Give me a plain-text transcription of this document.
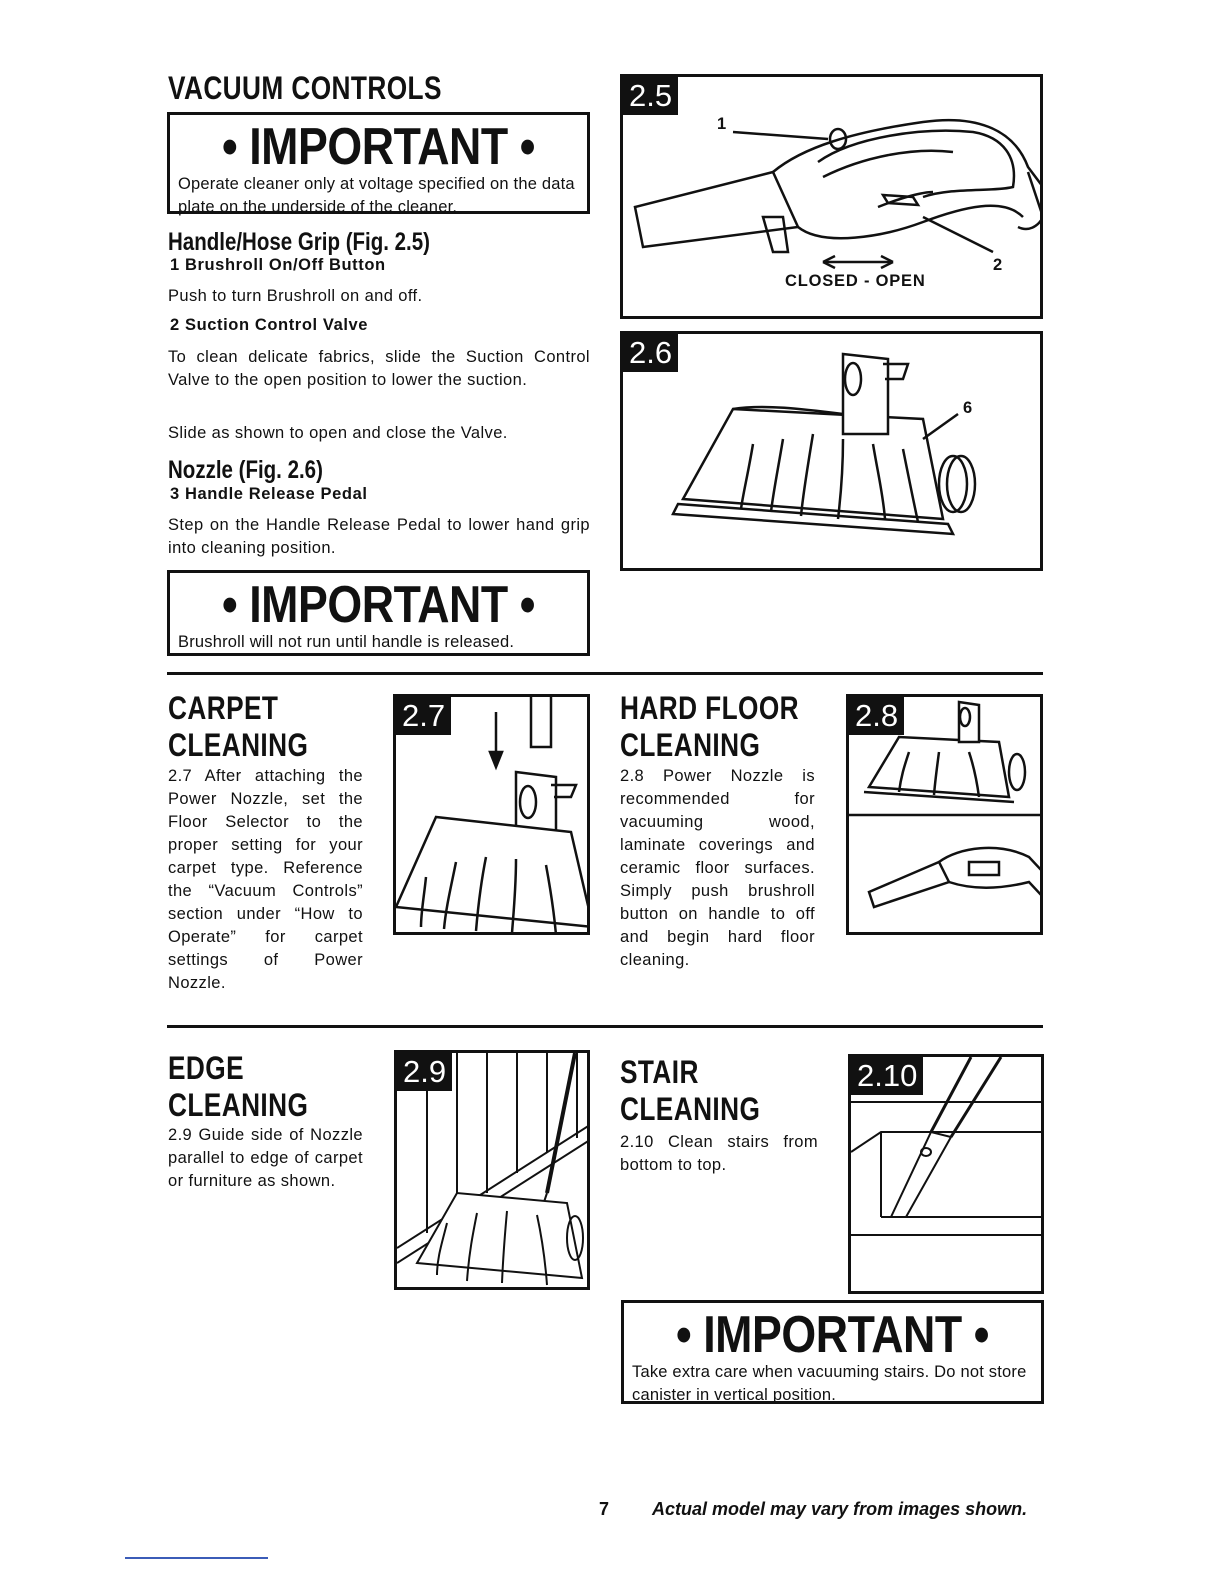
VACUUM CONTROLS
• IMPORTANT •
Operate cleaner only at voltage specified on the data plate on the underside of the cleaner.
Handle/Hose Grip (Fig. 2.5)
1 Brushroll On/Off Button
Push to turn Brushroll on and off.
2 Suction Control Valve
To clean delicate fabrics, slide the Suction Control Valve to the open position to lower the suction.
Slide as shown to open and close the Valve.
Nozzle (Fig. 2.6)
3 Handle Release Pedal
Step on the Handle Release Pedal to lower hand grip into cleaning position.
• IMPORTANT •
Brushroll will not run until handle is released.
2.5
1
2
CLOSED - OPEN
2.6
6
CARPET
CLEANING
2.7 After attaching the Power Nozzle, set the Floor Selector to the proper setting for your carpet type. Reference the “Vacuum Controls” section under “How to Operate” for carpet settings of Power Nozzle.
2.7	HARD FLOOR
CLEANING
2.8 Power Nozzle is recommended for vacuuming wood, laminate coverings and ceramic floor surfaces. Simply push brushroll button on handle to off and begin hard floor cleaning.
2.8
EDGE
CLEANING
2.9 Guide side of Nozzle parallel to edge of carpet or furniture as shown.
2.9	STAIR
CLEANING
2.10 Clean stairs from bottom to top.
2.10
• IMPORTANT •
Take extra care when vacuuming stairs. Do not store canister in vertical position.
7 Actual model may vary from images shown.
